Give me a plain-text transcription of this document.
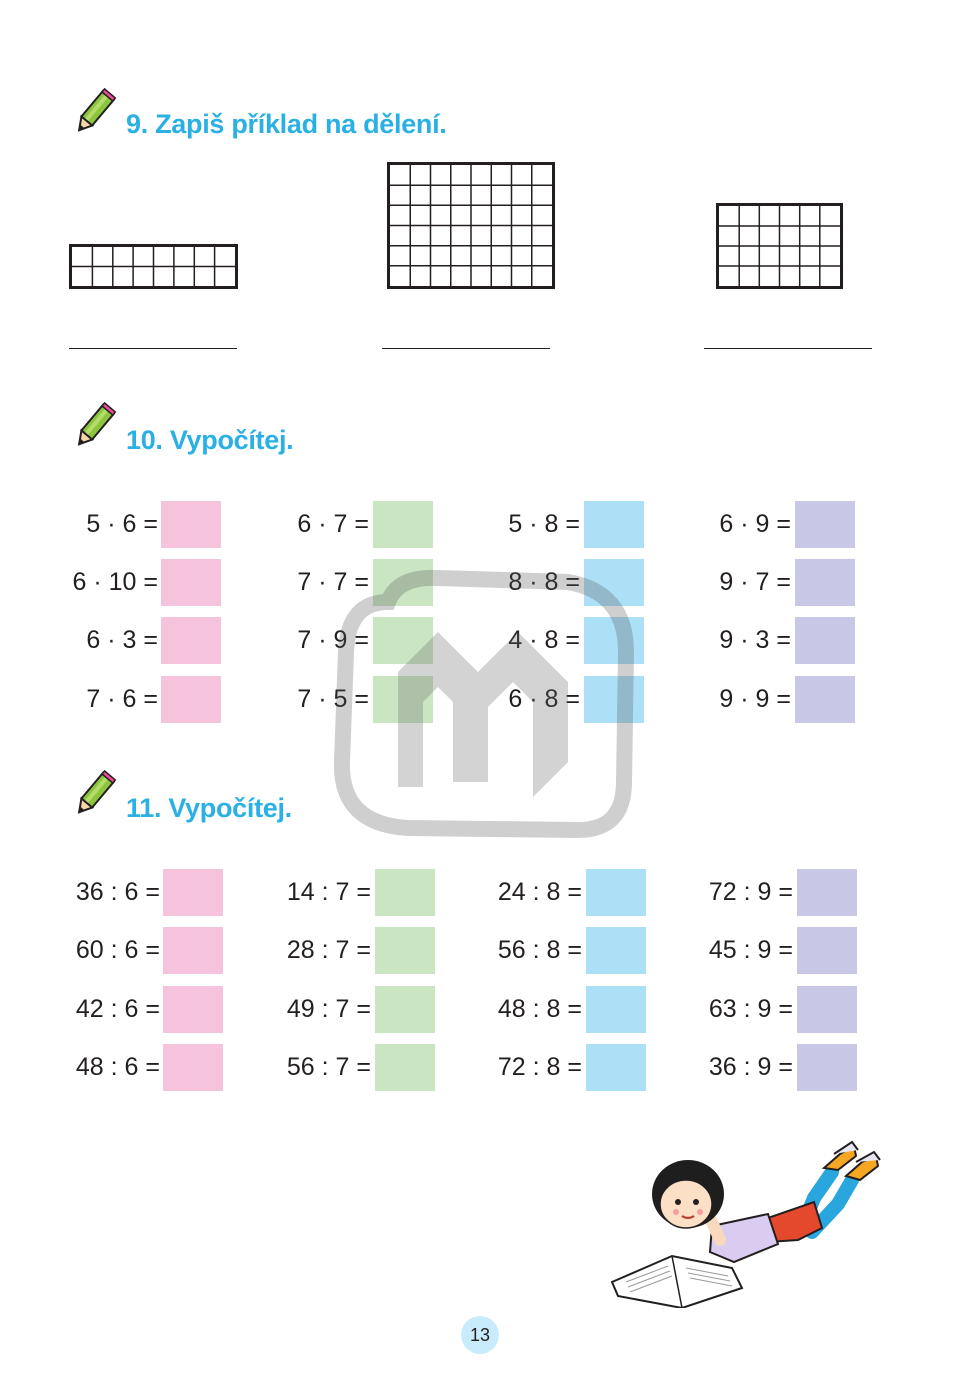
9. Zapiš příklad na dělení.
10. Vypočítej.
5 · 6 =
6 · 10 =
6 · 3 =
7 · 6 =
6 · 7 =
7 · 7 =
7 · 9 =
7 · 5 =
5 · 8 =
8 · 8 =
4 · 8 =
6 · 8 =
6 · 9 =
9 · 7 =
9 · 3 =
9 · 9 =
11. Vypočítej.
36 : 6 =
60 : 6 =
42 : 6 =
48 : 6 =
14 : 7 =
28 : 7 =
49 : 7 =
56 : 7 =
24 : 8 =
56 : 8 =
48 : 8 =
72 : 8 =
72 : 9 =
45 : 9 =
63 : 9 =
36 : 9 =
13
